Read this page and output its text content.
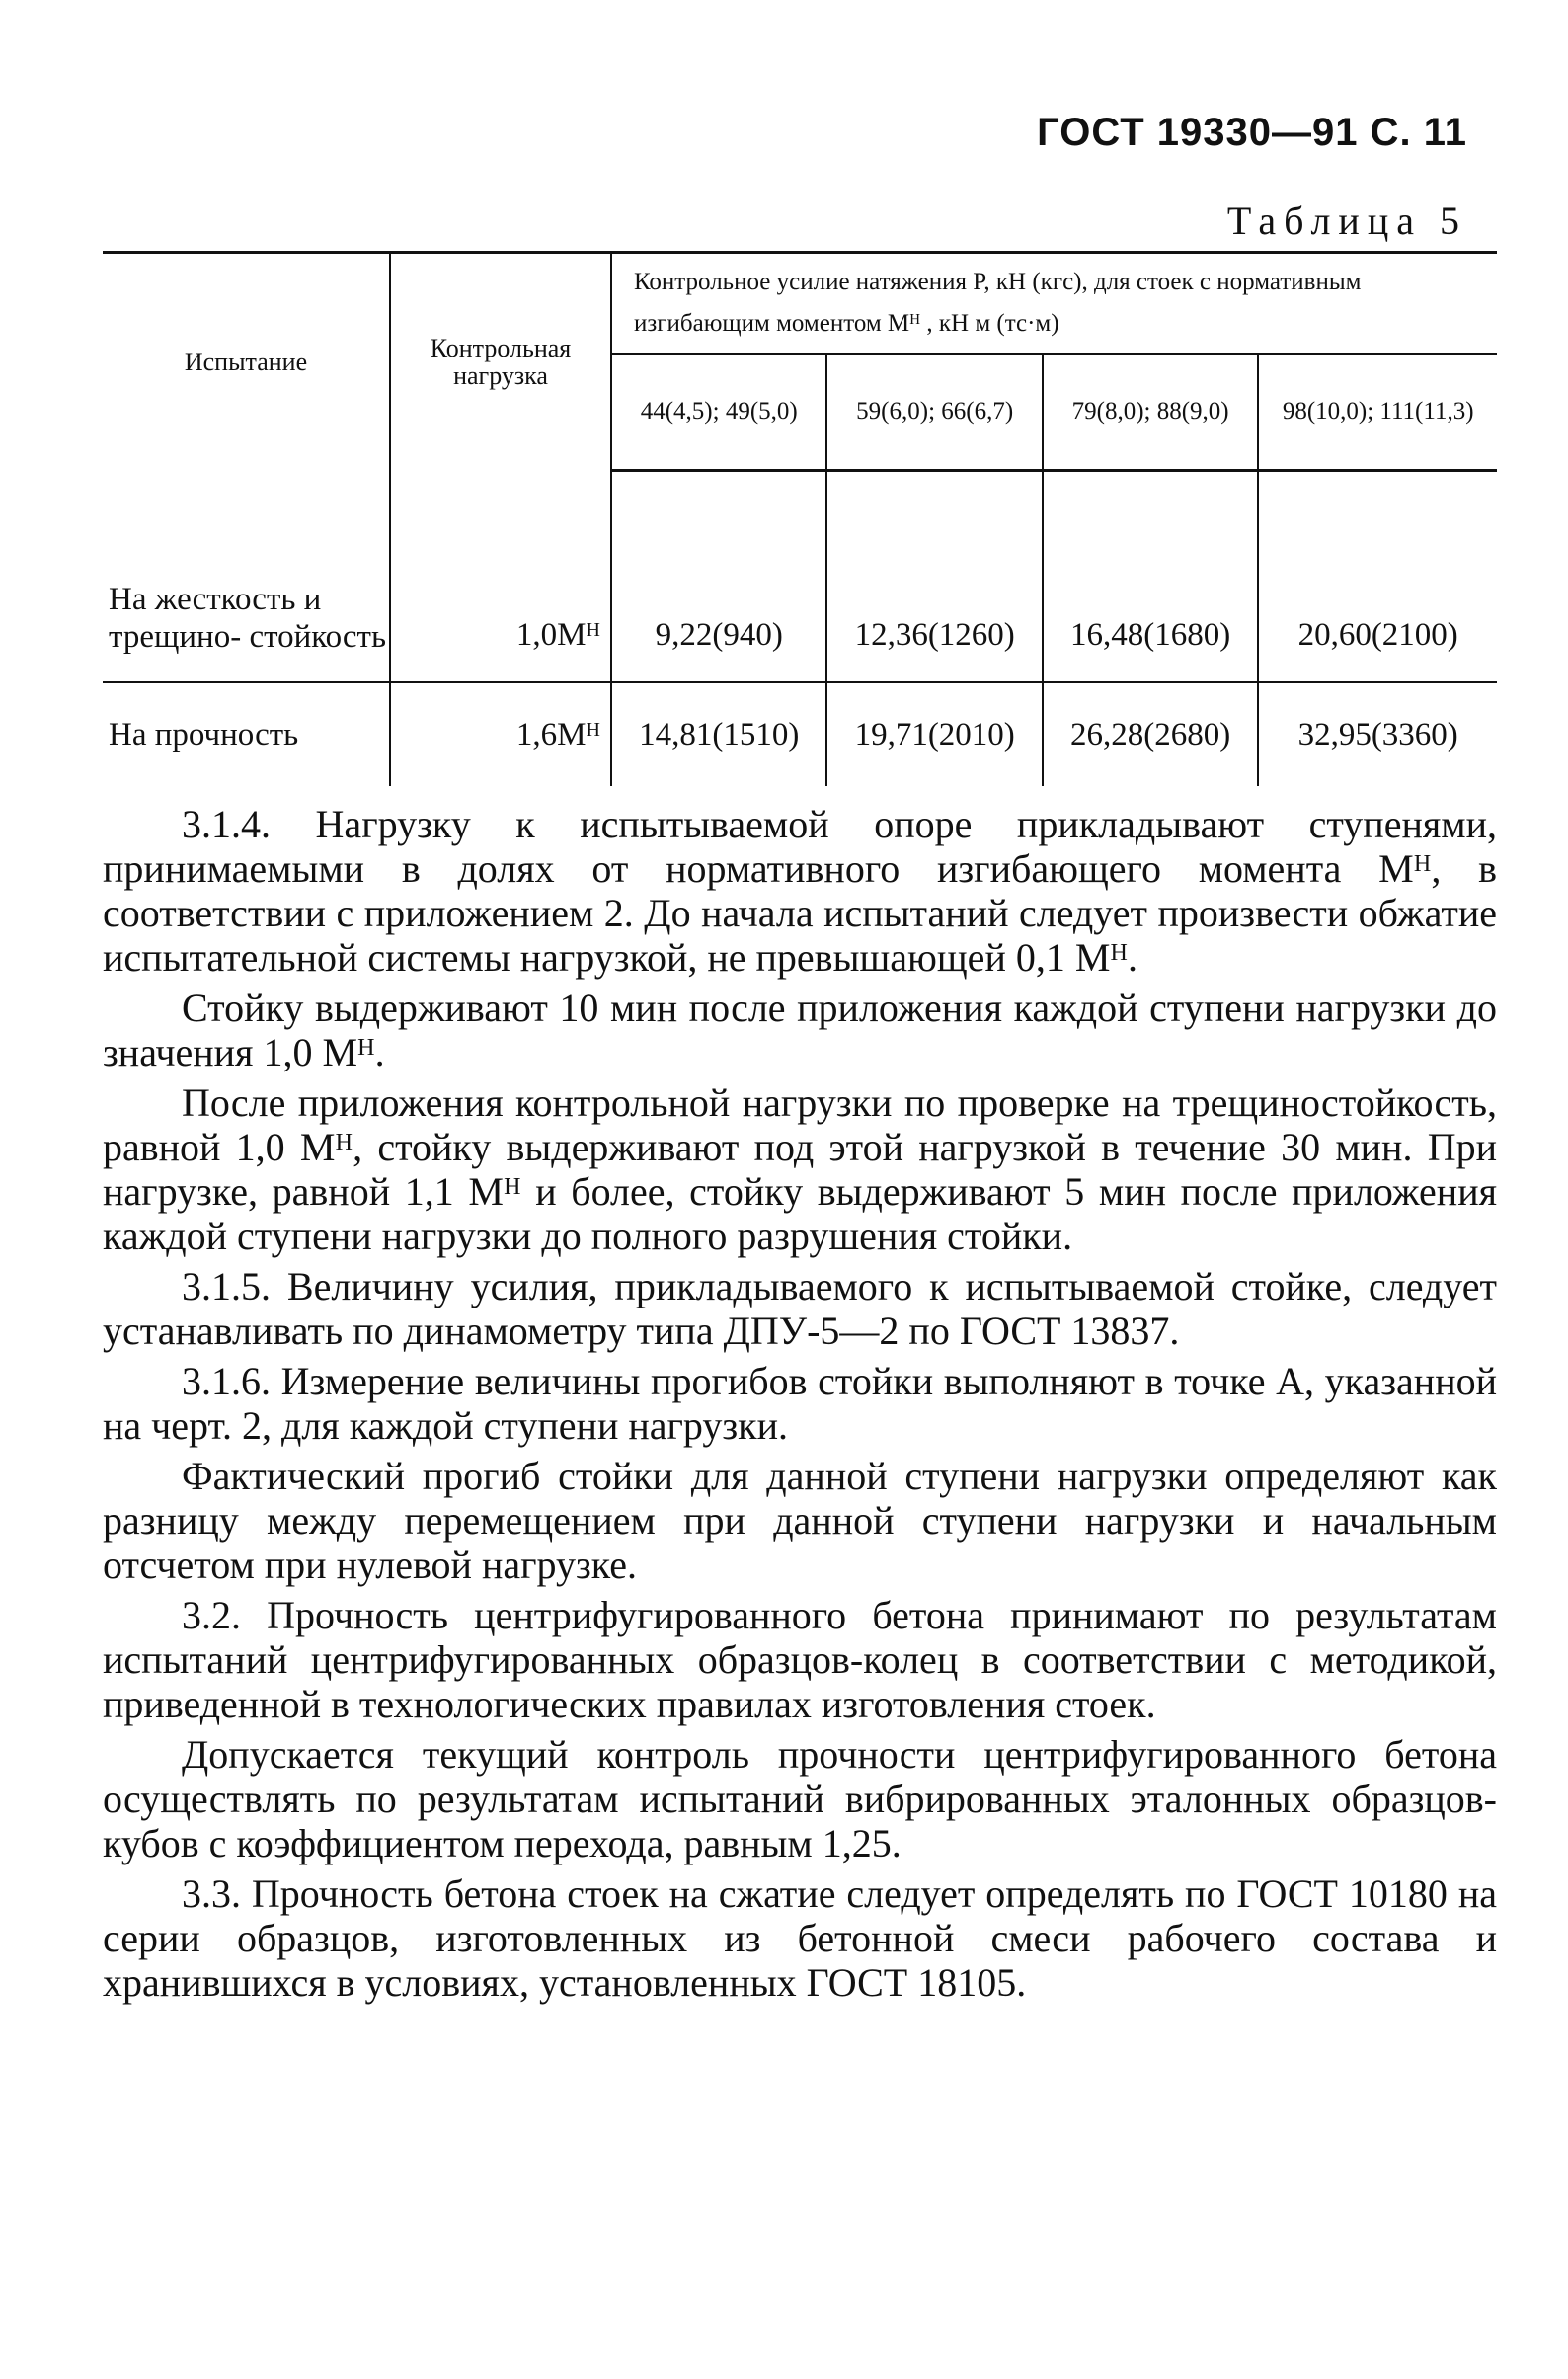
ГОСТ 19330—91 С. 11
Таблица 5
Испытание	Контрольная нагрузка	Контрольное усилие натяжения P, кН (кгс), для стоек с нормативным изгибающим моментом Mᴴ , кН м (тс·м)			
		44(4,5); 49(5,0)	59(6,0); 66(6,7)	79(8,0); 88(9,0)	98(10,0); 111(11,3)
На жесткость и трещино- стойкость	1,0Mᴴ	9,22(940)	12,36(1260)	16,48(1680)	20,60(2100)
На прочность	1,6Mᴴ	14,81(1510)	19,71(2010)	26,28(2680)	32,95(3360)

3.1.4. Нагрузку к испытываемой опоре прикладывают ступенями, принимаемыми в долях от нормативного изгибающего момента Mᴴ, в соответствии с приложением 2. До начала испытаний следует произвести обжатие испытательной системы нагрузкой, не превышающей 0,1 Mᴴ.

Стойку выдерживают 10 мин после приложения каждой ступени нагрузки до значения 1,0 Mᴴ.

После приложения контрольной нагрузки по проверке на трещиностойкость, равной 1,0 Mᴴ, стойку выдерживают под этой нагрузкой в течение 30 мин. При нагрузке, равной 1,1 Mᴴ и более, стойку выдерживают 5 мин после приложения каждой ступени нагрузки до полного разрушения стойки.

3.1.5. Величину усилия, прикладываемого к испытываемой стойке, следует устанавливать по динамометру типа ДПУ-5—2 по ГОСТ 13837.

3.1.6. Измерение величины прогибов стойки выполняют в точке А, указанной на черт. 2, для каждой ступени нагрузки.

Фактический прогиб стойки для данной ступени нагрузки определяют как разницу между перемещением при данной ступени нагрузки и начальным отсчетом при нулевой нагрузке.

3.2. Прочность центрифугированного бетона принимают по результатам испытаний центрифугированных образцов-колец в соответствии с методикой, приведенной в технологических правилах изготовления стоек.

Допускается текущий контроль прочности центрифугированного бетона осуществлять по результатам испытаний вибрированных эталонных образцов-кубов с коэффициентом перехода, равным 1,25.

3.3. Прочность бетона стоек на сжатие следует определять по ГОСТ 10180 на серии образцов, изготовленных из бетонной смеси рабочего состава и хранившихся в условиях, установленных ГОСТ 18105.
